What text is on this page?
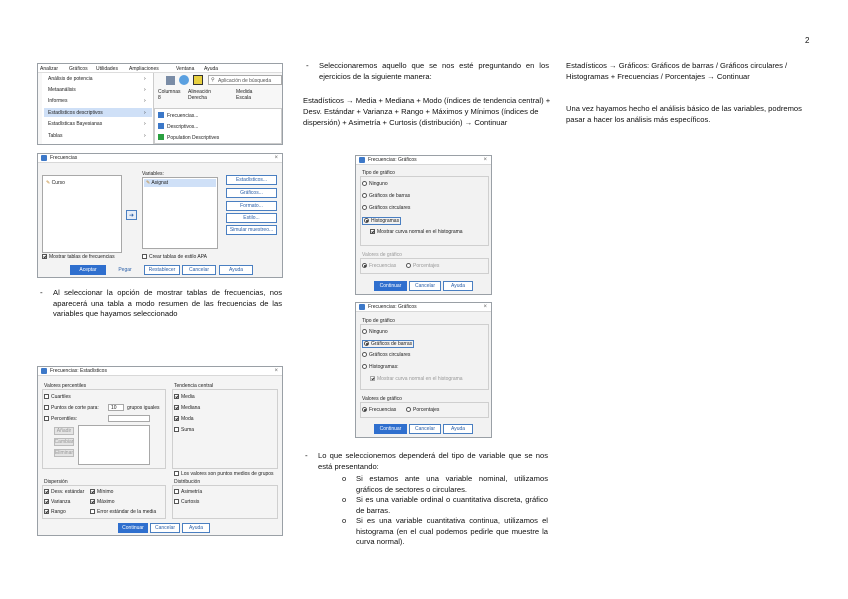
2
Analizar Gráficos Utilidades Ampliaciones	Ventana Ayuda
Análisis de potencia	›
Metaanálisis	›
Informes	›
Estadísticos descriptivos	›
Estadísticas Bayesianas	›
Tablas	›
⚲ Aplicación de búsqueda
Columnas Alineación	Medida
8	Derecha	Escala
Frecuencias...
Descriptivos...
Population Descriptives
Frecuencias	×
✎ Curso
➜
Variables:
✎ Asignat	Estadísticos...
Gráficos...
Formato...
Estilo...
Simular muestreo...
Mostrar tablas de frecuencias	Crear tablas de estilo APA
Aceptar	Pegar	Restablecer	Cancelar	Ayuda
- Al seleccionar la opción de mostrar tablas de frecuencias, nos aparecerá una tabla a modo resumen de las frecuencias de las variables que hayamos seleccionado
Frecuencias: Estadísticos	×
Valores percentiles
Cuartiles
Puntos de corte para: 10 grupos iguales
Percentiles:
Añadir
Cambiar
Eliminar
Tendencia central
Media
Mediana
Moda
Suma
Los valores son puntos medios de grupos
Dispersión
Desv. estándar	Mínimo
Varianza	Máximo
Rango	Error estándar de la media
Distribución
Asimetría
Curtosis
Continuar	Cancelar	Ayuda
- Seleccionaremos aquello que se nos esté preguntando en los ejercicios de la siguiente manera:
Estadísticos → Media + Mediana + Modo (índices de tendencia central) + Desv. Estándar + Varianza + Rango + Máximos y Mínimos (índices de dispersión) + Asimetría + Curtosis (distribución) → Continuar
Frecuencias: Gráficos	×
Tipo de gráfico
Ninguno
Gráficos de barras
Gráficos circulares
Histogramas
Mostrar curva normal en el histograma
Valores de gráfico
Frecuencias	Porcentajes
Continuar	Cancelar	Ayuda
Frecuencias: Gráficos	×
Tipo de gráfico
Ninguno
Gráficos de barras
Gráficos circulares
Histogramas:
Mostrar curva normal en el histograma
Valores de gráfico
Frecuencias	Porcentajes
Continuar	Cancelar	Ayuda
- Lo que seleccionemos dependerá del tipo de variable que se nos está presentando:
o Si estamos ante una variable nominal, utilizamos gráficos de sectores o circulares.
o Si es una variable ordinal o cuantitativa discreta, gráfico de barras.
o Si es una variable cuantitativa continua, utilizamos el histograma (en el cual podemos pedirle que muestre la curva normal).
Estadísticos → Gráficos: Gráficos de barras / Gráficos circulares / Histogramas + Frecuencias / Porcentajes → Continuar
Una vez hayamos hecho el análisis básico de las variables, podremos pasar a hacer los análisis más específicos.
